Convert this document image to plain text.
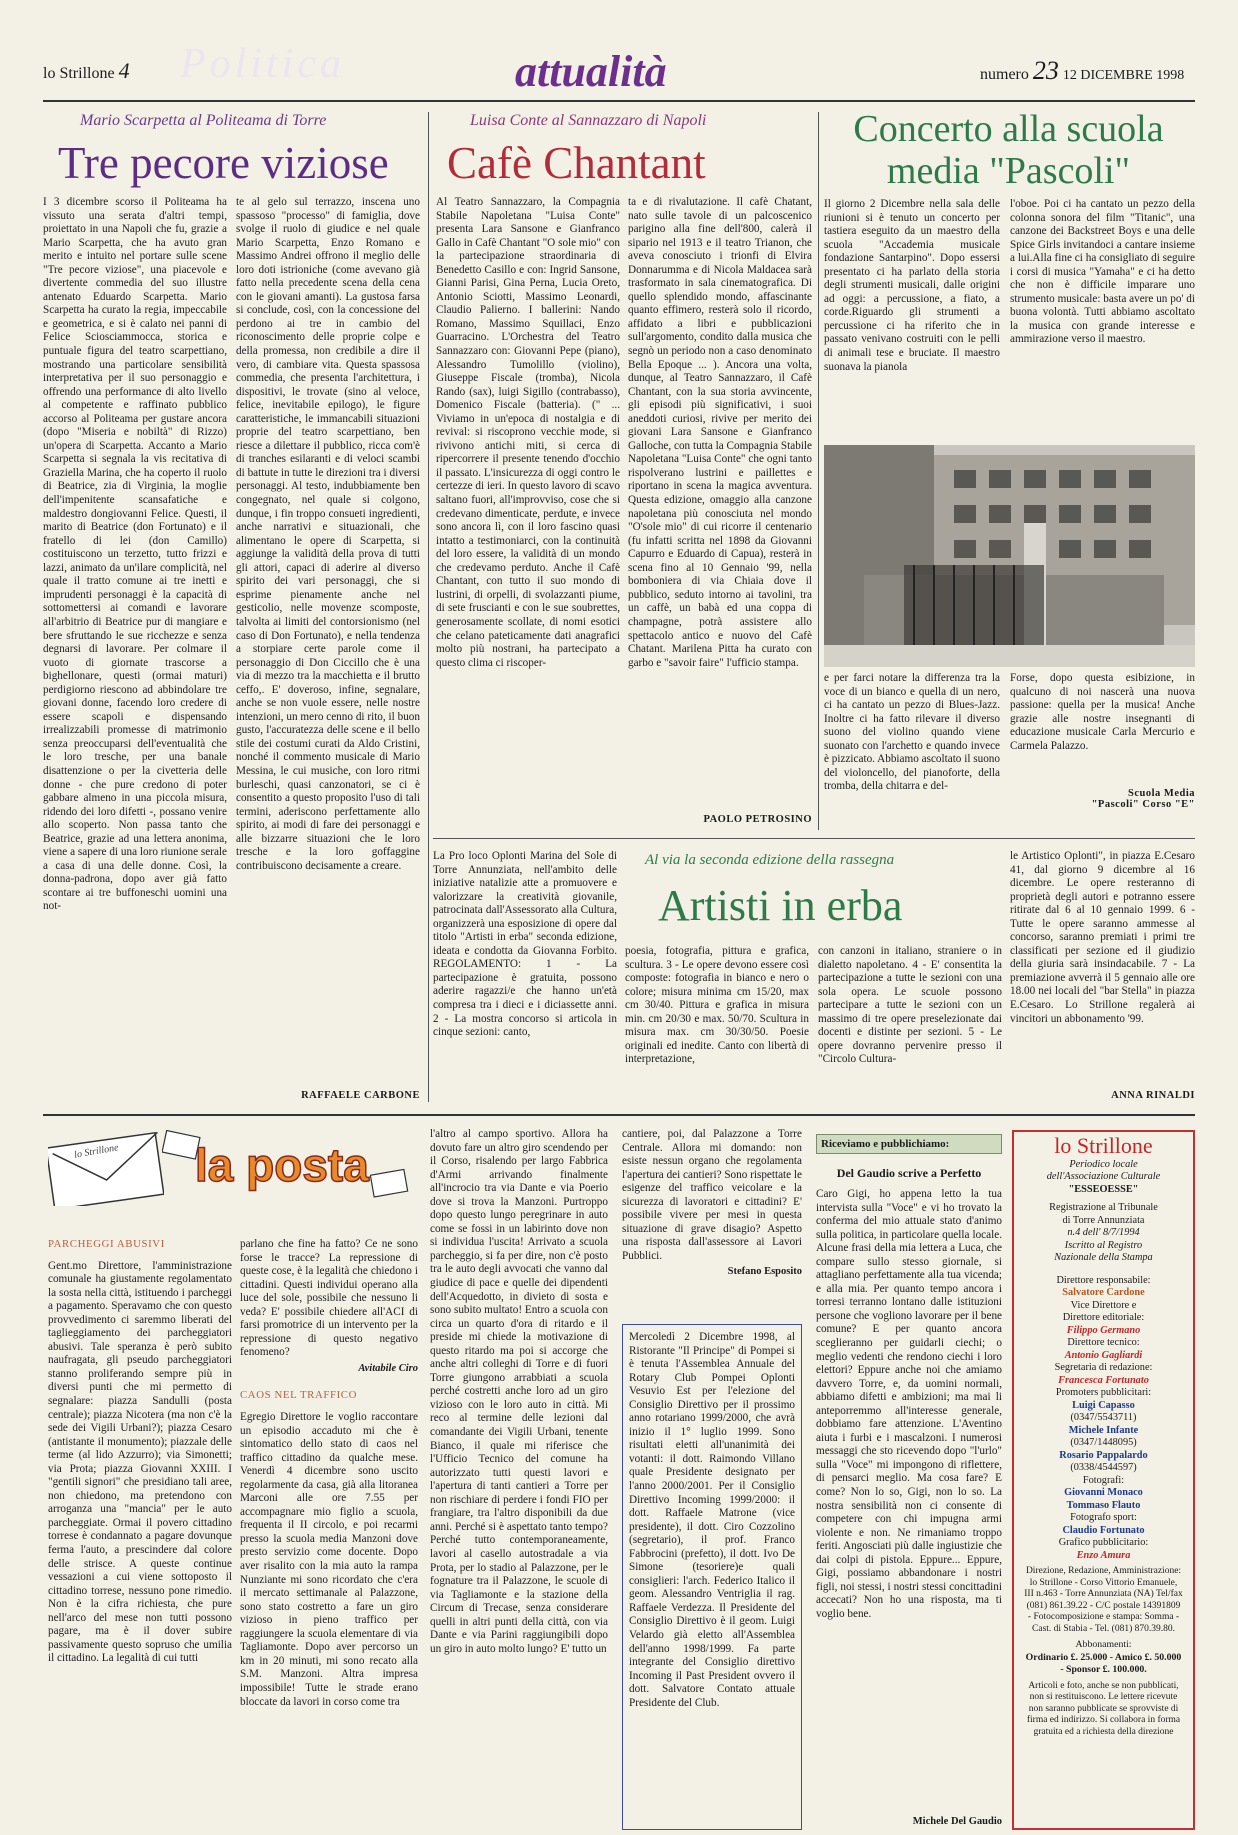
Politica
lo Strillone 4	attualità	numero 23 12 DICEMBRE 1998
Mario Scarpetta al Politeama di Torre
Tre pecore viziose

I 3 dicembre scorso il Politeama ha vissuto una serata d'altri tempi, proiettato in una Napoli che fu, grazie a Mario Scarpetta, che ha avuto gran merito e intuito nel portare sulle scene "Tre pecore viziose", una piacevole e divertente commedia del suo illustre antenato Eduardo Scarpetta. Mario Scarpetta ha curato la regia, impeccabile e geometrica, e si è calato nei panni di Felice Sciosciammocca, storica e puntuale figura del teatro scarpettiano, mostrando una particolare sensibilità interpretativa per il suo personaggio e offrendo una performance di alto livello al competente e raffinato pubblico accorso al Politeama per gustare ancora (dopo "Miseria e nobiltà" di Rizzo) un'opera di Scarpetta. Accanto a Mario Scarpetta si segnala la vis recitativa di Graziella Marina, che ha coperto il ruolo di Beatrice, zia di Virginia, la moglie dell'impenitente scansafatiche e maldestro dongiovanni Felice. Questi, il marito di Beatrice (don Fortunato) e il fratello di lei (don Camillo) costituiscono un terzetto, tutto frizzi e lazzi, animato da un'ilare complicità, nel quale il tratto comune ai tre inetti e imprudenti personaggi è la capacità di sottomettersi ai comandi e lavorare all'arbitrio di Beatrice pur di mangiare e bere sfruttando le sue ricchezze e senza degnarsi di lavorare. Per colmare il vuoto di giornate trascorse a bighellonare, questi (ormai maturi) perdigiorno riescono ad abbindolare tre giovani donne, facendo loro credere di essere scapoli e dispensando irrealizzabili promesse di matrimonio senza preoccuparsi dell'eventualità che le loro tresche, per una banale disattenzione o per la civetteria delle donne - che pure credono di poter gabbare almeno in una piccola misura, ridendo dei loro difetti -, possano venire allo scoperto. Non passa tanto che Beatrice, grazie ad una lettera anonima, viene a sapere di una loro riunione serale a casa di una delle donne. Così, la donna-padrona, dopo aver già fatto scontare ai tre buffoneschi uomini una not-

te al gelo sul terrazzo, inscena uno spassoso "processo" di famiglia, dove svolge il ruolo di giudice e nel quale Mario Scarpetta, Enzo Romano e Massimo Andrei offrono il meglio delle loro doti istrioniche (come avevano già fatto nella precedente scena della cena con le giovani amanti). La gustosa farsa si conclude, così, con la concessione del perdono ai tre in cambio del riconoscimento delle proprie colpe e della promessa, non credibile a dire il vero, di cambiare vita. Questa spassosa commedia, che presenta l'architettura, i dispositivi, le trovate (sino al veloce, felice, inevitabile epilogo), le figure caratteristiche, le immancabili situazioni proprie del teatro scarpettiano, ben riesce a dilettare il pubblico, ricca com'è di tranches esilaranti e di veloci scambi di battute in tutte le direzioni tra i diversi personaggi. Al testo, indubbiamente ben congegnato, nel quale si colgono, dunque, i fin troppo consueti ingredienti, anche narrativi e situazionali, che alimentano le opere di Scarpetta, si aggiunge la validità della prova di tutti gli attori, capaci di aderire al diverso spirito dei vari personaggi, che si esprime pienamente anche nel gesticolio, nelle movenze scomposte, talvolta ai limiti del contorsionismo (nel caso di Don Fortunato), e nella tendenza a storpiare certe parole come il personaggio di Don Ciccillo che è una via di mezzo tra la macchietta e il brutto ceffo,. E' doveroso, infine, segnalare, anche se non vuole essere, nelle nostre intenzioni, un mero cenno di rito, il buon gusto, l'accuratezza delle scene e il bello stile dei costumi curati da Aldo Cristini, nonché il commento musicale di Mario Messina, le cui musiche, con loro ritmi burleschi, quasi canzonatori, se ci è consentito a questo proposito l'uso di tali termini, aderiscono perfettamente allo spirito, ai modi di fare dei personaggi e alle bizzarre situazioni che le loro tresche e la loro goffaggine contribuiscono decisamente a creare.

RAFFAELE CARBONE
Luisa Conte al Sannazzaro di Napoli
Cafè Chantant

Al Teatro Sannazzaro, la Compagnia Stabile Napoletana "Luisa Conte" presenta Lara Sansone e Gianfranco Gallo in Cafè Chantant "O sole mio" con la partecipazione straordinaria di Benedetto Casillo e con: Ingrid Sansone, Gianni Parisi, Gina Perna, Lucia Oreto, Antonio Sciotti, Massimo Leonardi, Claudio Palierno. I ballerini: Nando Romano, Massimo Squillaci, Enzo Guarracino. L'Orchestra del Teatro Sannazzaro con: Giovanni Pepe (piano), Alessandro Tumolillo (violino), Giuseppe Fiscale (tromba), Nicola Rando (sax), luigi Sigillo (contrabasso), Domenico Fiscale (batteria). (" ... Viviamo in un'epoca di nostalgia e di revival: si riscoprono vecchie mode, si rivivono antichi miti, si cerca di ripercorrere il presente tenendo d'occhio il passato. L'insicurezza di oggi contro le certezze di ieri. In questo lavoro di scavo saltano fuori, all'improvviso, cose che si credevano dimenticate, perdute, e invece sono ancora lì, con il loro fascino quasi intatto a testimoniarci, con la continuità del loro essere, la validità di un mondo che credevamo perduto. Anche il Cafè Chantant, con tutto il suo mondo di lustrini, di orpelli, di svolazzanti piume, di sete fruscianti e con le sue soubrettes, generosamente scollate, di nomi esotici che celano pateticamente dati anagrafici molto più nostrani, ha partecipato a questo clima ci riscoper-

ta e di rivalutazione. Il cafè Chatant, nato sulle tavole di un palcoscenico parigino alla fine dell'800, calerà il sipario nel 1913 e il teatro Trianon, che aveva conosciuto i trionfi di Elvira Donnarumma e di Nicola Maldacea sarà trasformato in sala cinematografica. Di quello splendido mondo, affascinante quanto effimero, resterà solo il ricordo, affidato a libri e pubblicazioni sull'argomento, condito dalla musica che segnò un periodo non a caso denominato Bella Epoque ... ). Ancora una volta, dunque, al Teatro Sannazzaro, il Cafè Chantant, con la sua storia avvincente, gli episodi più significativi, i suoi aneddoti curiosi, rivive per merito dei giovani Lara Sansone e Gianfranco Galloche, con tutta la Compagnia Stabile Napoletana "Luisa Conte" che ogni tanto rispolverano lustrini e paillettes e riportano in scena la magica avventura. Questa edizione, omaggio alla canzone napoletana più conosciuta nel mondo "O'sole mio" di cui ricorre il centenario (fu infatti scritta nel 1898 da Giovanni Capurro e Eduardo di Capua), resterà in scena fino al 10 Gennaio '99, nella bomboniera di via Chiaia dove il pubblico, seduto intorno ai tavolini, tra un caffè, un babà ed una coppa di champagne, potrà assistere allo spettacolo antico e nuovo del Cafè Chatant. Marilena Pitta ha curato con garbo e "savoir faire" l'ufficio stampa.

PAOLO PETROSINO
Concerto alla scuola
media "Pascoli"

Il giorno 2 Dicembre nella sala delle riunioni si è tenuto un concerto per tastiera eseguito da un maestro della scuola "Accademia musicale fondazione Santarpino". Dopo essersi presentato ci ha parlato della storia degli strumenti musicali, dalle origini ad oggi: a percussione, a fiato, a corde.Riguardo gli strumenti a percussione ci ha riferito che in passato venivano costruiti con le pelli di animali tese e bruciate. Il maestro suonava la pianola

l'oboe. Poi ci ha cantato un pezzo della colonna sonora del film "Titanic", una canzone dei Backstreet Boys e una delle Spice Girls invitandoci a cantare insieme a lui.Alla fine ci ha consigliato di seguire i corsi di musica "Yamaha" e ci ha detto che non è difficile imparare uno strumento musicale: basta avere un po' di buona volontà. Tutti abbiamo ascoltato la musica con grande interesse e ammirazione verso il maestro.

e per farci notare la differenza tra la voce di un bianco e quella di un nero, ci ha cantato un pezzo di Blues-Jazz. Inoltre ci ha fatto rilevare il diverso suono del violino quando viene suonato con l'archetto e quando invece è pizzicato. Abbiamo ascoltato il suono del violoncello, del pianoforte, della tromba, della chitarra e del-

Forse, dopo questa esibizione, in qualcuno di noi nascerà una nuova passione: quella per la musica! Anche grazie alle nostre insegnanti di educazione musicale Carla Mercurio e Carmela Palazzo.

Scuola Media
"Pascoli" Corso "E"
Al via la seconda edizione della rassegna
Artisti in erba

La Pro loco Oplonti Marina del Sole di Torre Annunziata, nell'ambito delle iniziative natalizie atte a promuovere e valorizzare la creatività giovanile, patrocinata dall'Assessorato alla Cultura, organizzerà una esposizione di opere dal titolo "Artisti in erba" seconda edizione, ideata e condotta da Giovanna Forbito. REGOLAMENTO: 1 - La partecipazione è gratuita, possono aderire ragazzi/e che hanno un'età compresa tra i dieci e i diciassette anni. 2 - La mostra concorso si articola in cinque sezioni: canto,

poesia, fotografia, pittura e grafica, scultura. 3 - Le opere devono essere così composte: fotografia in bianco e nero o colore; misura minima cm 15/20, max cm 30/40. Pittura e grafica in misura min. cm 20/30 e max. 50/70. Scultura in misura max. cm 30/30/50. Poesie originali ed inedite. Canto con libertà di interpretazione,

con canzoni in italiano, straniere o in dialetto napoletano. 4 - E' consentita la partecipazione a tutte le sezioni con una sola opera. Le scuole possono partecipare a tutte le sezioni con un massimo di tre opere preselezionate dai docenti e distinte per sezioni. 5 - Le opere dovranno pervenire presso il "Circolo Cultura-

le Artistico Oplonti", in piazza E.Cesaro 41, dal giorno 9 dicembre al 16 dicembre. Le opere resteranno di proprietà degli autori e potranno essere ritirate dal 6 al 10 gennaio 1999. 6 - Tutte le opere saranno ammesse al concorso, saranno premiati i primi tre classificati per sezione ed il giudizio della giuria sarà insindacabile. 7 - La premiazione avverrà il 5 gennaio alle ore 18.00 nei locali del "bar Stella" in piazza E.Cesaro. Lo Strillone regalerà ai vincitori un abbonamento '99.

ANNA RINALDI
lo Strillone la posta
PARCHEGGI ABUSIVI

Gent.mo Direttore, l'amministrazione comunale ha giustamente regolamentato la sosta nella città, istituendo i parcheggi a pagamento. Speravamo che con questo provvedimento ci saremmo liberati del taglieggiamento dei parcheggiatori abusivi. Tale speranza è però subito naufragata, gli pseudo parcheggiatori stanno proliferando sempre più in diversi punti che mi permetto di segnalare: piazza Sandulli (posta centrale); piazza Nicotera (ma non c'è la sede dei Vigili Urbani?); piazza Cesaro (antistante il monumento); piazzale delle terme (al lido Azzurro); via Simonetti; via Prota; piazza Giovanni XXIII. I "gentili signori" che presidiano tali aree, non chiedono, ma pretendono con arroganza una "mancia" per le auto parcheggiate. Ormai il povero cittadino torrese è condannato a pagare dovunque ferma l'auto, a prescindere dal colore delle strisce. A queste continue vessazioni a cui viene sottoposto il cittadino torrese, nessuno pone rimedio. Non è la cifra richiesta, che pure nell'arco del mese non tutti possono pagare, ma è il dover subire passivamente questo sopruso che umilia il cittadino. La legalità di cui tutti

parlano che fine ha fatto? Ce ne sono forse le tracce? La repressione di queste cose, è la legalità che chiedono i cittadini. Questi individui operano alla luce del sole, possibile che nessuno li veda? E' possibile chiedere all'ACI di farsi promotrice di un intervento per la repressione di questo negativo fenomeno?

Avitabile Ciro
CAOS NEL TRAFFICO

Egregio Direttore le voglio raccontare un episodio accaduto mi che è sintomatico dello stato di caos nel traffico cittadino da qualche mese. Venerdì 4 dicembre sono uscito regolarmente da casa, già alla litoranea Marconi alle ore 7.55 per accompagnare mio figlio a scuola, frequenta il II circolo, e poi recarmi presso la scuola media Manzoni dove presto servizio come docente. Dopo aver risalito con la mia auto la rampa Nunziante mi sono ricordato che c'era il mercato settimanale al Palazzone, sono stato costretto a fare un giro vizioso in pieno traffico per raggiungere la scuola elementare di via Tagliamonte. Dopo aver percorso un km in 20 minuti, mi sono recato alla S.M. Manzoni. Altra impresa impossibile! Tutte le strade erano bloccate da lavori in corso come tra

l'altro al campo sportivo. Allora ha dovuto fare un altro giro scendendo per il Corso, risalendo per largo Fabbrica d'Armi arrivando finalmente all'incrocio tra via Dante e via Poerio dove si trova la Manzoni. Purtroppo dopo questo lungo peregrinare in auto come se fossi in un labirinto dove non si individua l'uscita! Arrivato a scuola parcheggio, si fa per dire, non c'è posto tra le auto degli avvocati che vanno dal giudice di pace e quelle dei dipendenti dell'Acquedotto, in divieto di sosta e sono subito multato! Entro a scuola con circa un quarto d'ora di ritardo e il preside mi chiede la motivazione di questo ritardo ma poi si accorge che anche altri colleghi di Torre e di fuori Torre giungono arrabbiati a scuola perché costretti anche loro ad un giro vizioso con le loro auto in città. Mi reco al termine delle lezioni dal comandante dei Vigili Urbani, tenente Bianco, il quale mi riferisce che l'Ufficio Tecnico del comune ha autorizzato tutti questi lavori e l'apertura di tanti cantieri a Torre per non rischiare di perdere i fondi FIO per frangiare, tra l'altro disponibili da due anni. Perché si è aspettato tanto tempo? Perché tutto contemporaneamente, lavori al casello autostradale a via Prota, per lo stadio al Palazzone, per le fognature tra il Palazzone, le scuole di via Tagliamonte e la stazione della Circum di Trecase, senza considerare quelli in altri punti della città, con via Dante e via Parini raggiungibili dopo un giro in auto molto lungo? E' tutto un

cantiere, poi, dal Palazzone a Torre Centrale. Allora mi domando: non esiste nessun organo che regolamenta l'apertura dei cantieri? Sono rispettate le esigenze del traffico veicolare e la sicurezza di lavoratori e cittadini? E' possibile vivere per mesi in questa situazione di grave disagio? Aspetto una risposta dall'assessore ai Lavori Pubblici.

Stefano Esposito

Mercoledì 2 Dicembre 1998, al Ristorante "Il Principe" di Pompei si è tenuta l'Assemblea Annuale del Rotary Club Pompei Oplonti Vesuvio Est per l'elezione del Consiglio Direttivo per il prossimo anno rotariano 1999/2000, che avrà inizio il 1° luglio 1999. Sono risultati eletti all'unanimità dei votanti: il dott. Raimondo Villano quale Presidente designato per l'anno 2000/2001. Per il Consiglio Direttivo Incoming 1999/2000: il dott. Raffaele Matrone (vice presidente), il dott. Ciro Cozzolino (segretario), il prof. Franco Fabbrocini (prefetto), il dott. Ivo De Simone (tesoriere)e quali consiglieri: l'arch. Federico Italico il geom. Alessandro Ventriglia il rag. Raffaele Verdezza. Il Presidente del Consiglio Direttivo è il geom. Luigi Velardo già eletto all'Assemblea dell'anno 1998/1999. Fa parte integrante del Consiglio direttivo Incoming il Past President ovvero il dott. Salvatore Contato attuale Presidente del Club.

Riceviamo e pubblichiamo:
Del Gaudio scrive a Perfetto

Caro Gigi, ho appena letto la tua intervista sulla "Voce" e vi ho trovato la conferma del mio attuale stato d'animo sulla politica, in particolare quella locale. Alcune frasi della mia lettera a Luca, che compare sullo stesso giornale, si attagliano perfettamente alla tua vicenda; e alla mia. Per quanto tempo ancora i torresi terranno lontano dalle istituzioni persone che vogliono lavorare per il bene comune? E per quanto ancora sceglieranno per guidarli ciechi; o meglio vedenti che rendono ciechi i loro elettori? Eppure anche noi che amiamo davvero Torre, e, da uomini normali, abbiamo difetti e ambizioni; ma mai li anteporremmo all'interesse generale, dobbiamo fare attenzione. L'Aventino aiuta i furbi e i mascalzoni. I numerosi messaggi che sto ricevendo dopo "l'urlo" sulla "Voce" mi impongono di riflettere, di pensarci meglio. Ma cosa fare? E come? Non lo so, Gigi, non lo so. La nostra sensibilità non ci consente di competere con chi impugna armi violente e non. Ne rimaniamo troppo feriti. Angosciati più dalle ingiustizie che dai colpi di pistola. Eppure... Eppure, Gigi, possiamo abbandonare i nostri figli, noi stessi, i nostri stessi concittadini accecati? Non ho una risposta, ma ti voglio bene.

Michele Del Gaudio
lo Strillone
Periodico locale
dell'Associazione Culturale
"ESSEOESSE"
Registrazione al Tribunale
di Torre Annunziata
n.4 dell' 8/7/1994
Iscritto al Registro
Nazionale della Stampa
Direttore responsabile:
Salvatore Cardone
Vice Direttore e
Direttore editoriale:
Filippo Germano
Direttore tecnico:
Antonio Gagliardi
Segretaria di redazione:
Francesca Fortunato
Promoters pubblicitari:
Luigi Capasso
(0347/5543711)
Michele Infante
(0347/1448095)
Rosario Pappalardo
(0338/4544597)
Fotografi:
Giovanni Monaco
Tommaso Flauto
Fotografo sport:
Claudio Fortunato
Grafico pubblicitario:
Enzo Amura
Direzione, Redazione, Amministrazione: lo Strillone - Corso Vittorio Emanuele, III n.463 - Torre Annunziata (NA) Tel/fax (081) 861.39.22 - C/C postale 14391809 - Fotocomposizione e stampa: Somma - Cast. di Stabia - Tel. (081) 870.39.80.
Abbonamenti:
Ordinario £. 25.000 - Amico £. 50.000 - Sponsor £. 100.000.
Articoli e foto, anche se non pubblicati, non si restituiscono. Le lettere ricevute non saranno pubblicate se sprovviste di firma ed indirizzo. Si collabora in forma gratuita ed a richiesta della direzione
